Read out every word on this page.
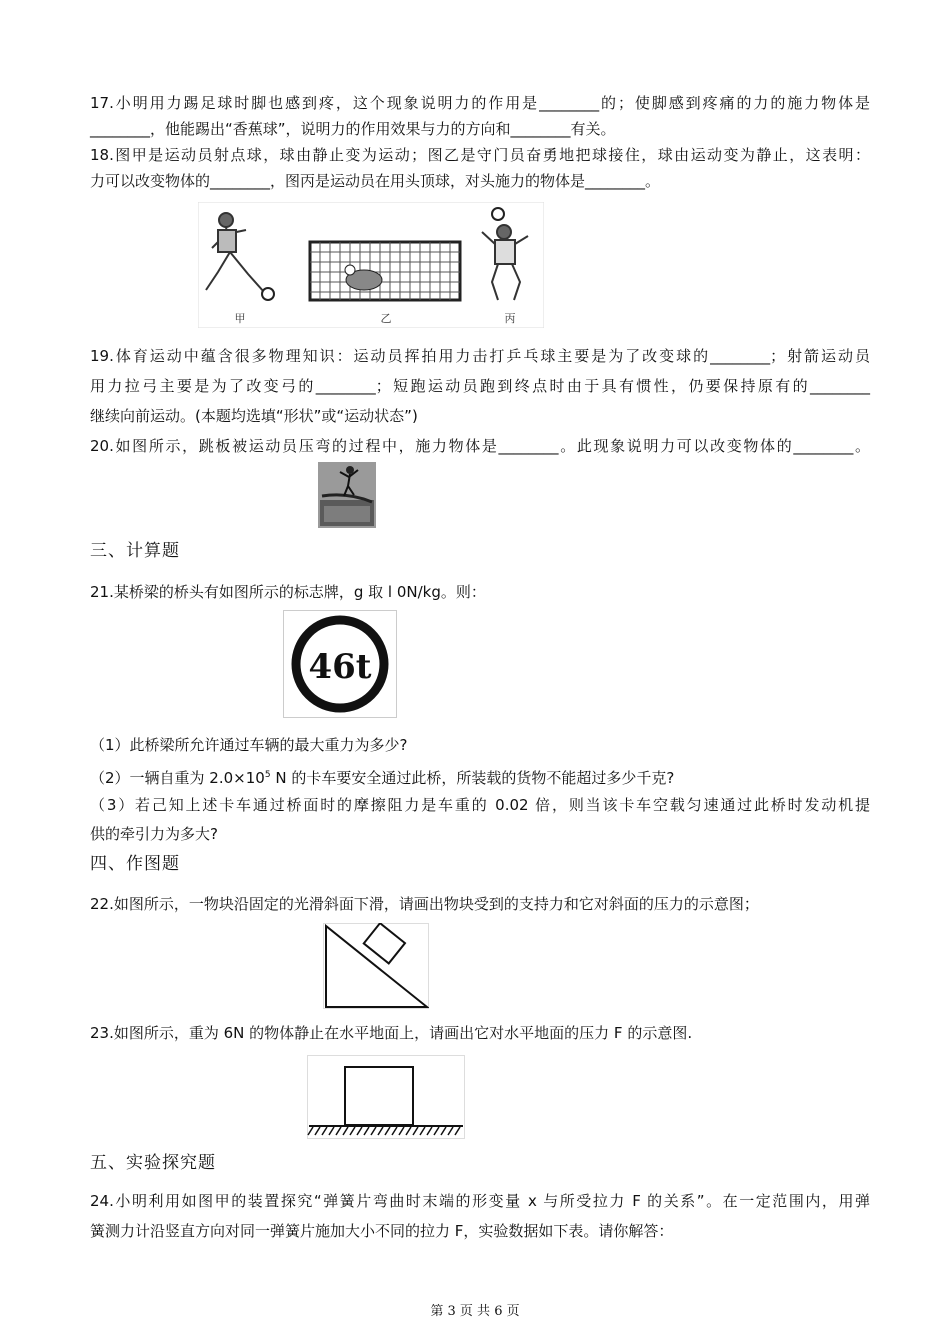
17.小明用力踢足球时脚也感到疼，这个现象说明力的作用是________的；使脚感到疼痛的力的施力物体是
________，他能踢出“香蕉球”，说明力的作用效果与力的方向和________有关。
18.图甲是运动员射点球，球由静止变为运动；图乙是守门员奋勇地把球接住，球由运动变为静止，这表明：
力可以改变物体的________，图丙是运动员在用头顶球，对头施力的物体是________。
甲	乙	丙
19.体育运动中蕴含很多物理知识：运动员挥拍用力击打乒乓球主要是为了改变球的________；射箭运动员
用力拉弓主要是为了改变弓的________；短跑运动员跑到终点时由于具有惯性，仍要保持原有的________
继续向前运动。(本题均选填“形状”或“运动状态”)
20.如图所示，跳板被运动员压弯的过程中，施力物体是________。此现象说明力可以改变物体的________。
三、计算题
21.某桥梁的桥头有如图所示的标志牌，g 取 l 0N/kg。则：
46t
（1）此桥梁所允许通过车辆的最大重力为多少?
（2）一辆自重为 $2.0\times 10^5$ N 的卡车要安全通过此桥，所装载的货物不能超过多少千克?
（3）若己知上述卡车通过桥面时的摩擦阻力是车重的 0.02 倍，则当该卡车空载匀速通过此桥时发动机提
供的牵引力为多大?
四、作图题
22.如图所示，一物块沿固定的光滑斜面下滑，请画出物块受到的支持力和它对斜面的压力的示意图；
23.如图所示，重为 6N 的物体静止在水平地面上，请画出它对水平地面的压力 F 的示意图.
五、实验探究题
24.小明利用如图甲的装置探究“弹簧片弯曲时末端的形变量 x 与所受拉力 F 的关系”。在一定范围内，用弹
簧测力计沿竖直方向对同一弹簧片施加大小不同的拉力 F，实验数据如下表。请你解答：
第 3 页 共 6 页
